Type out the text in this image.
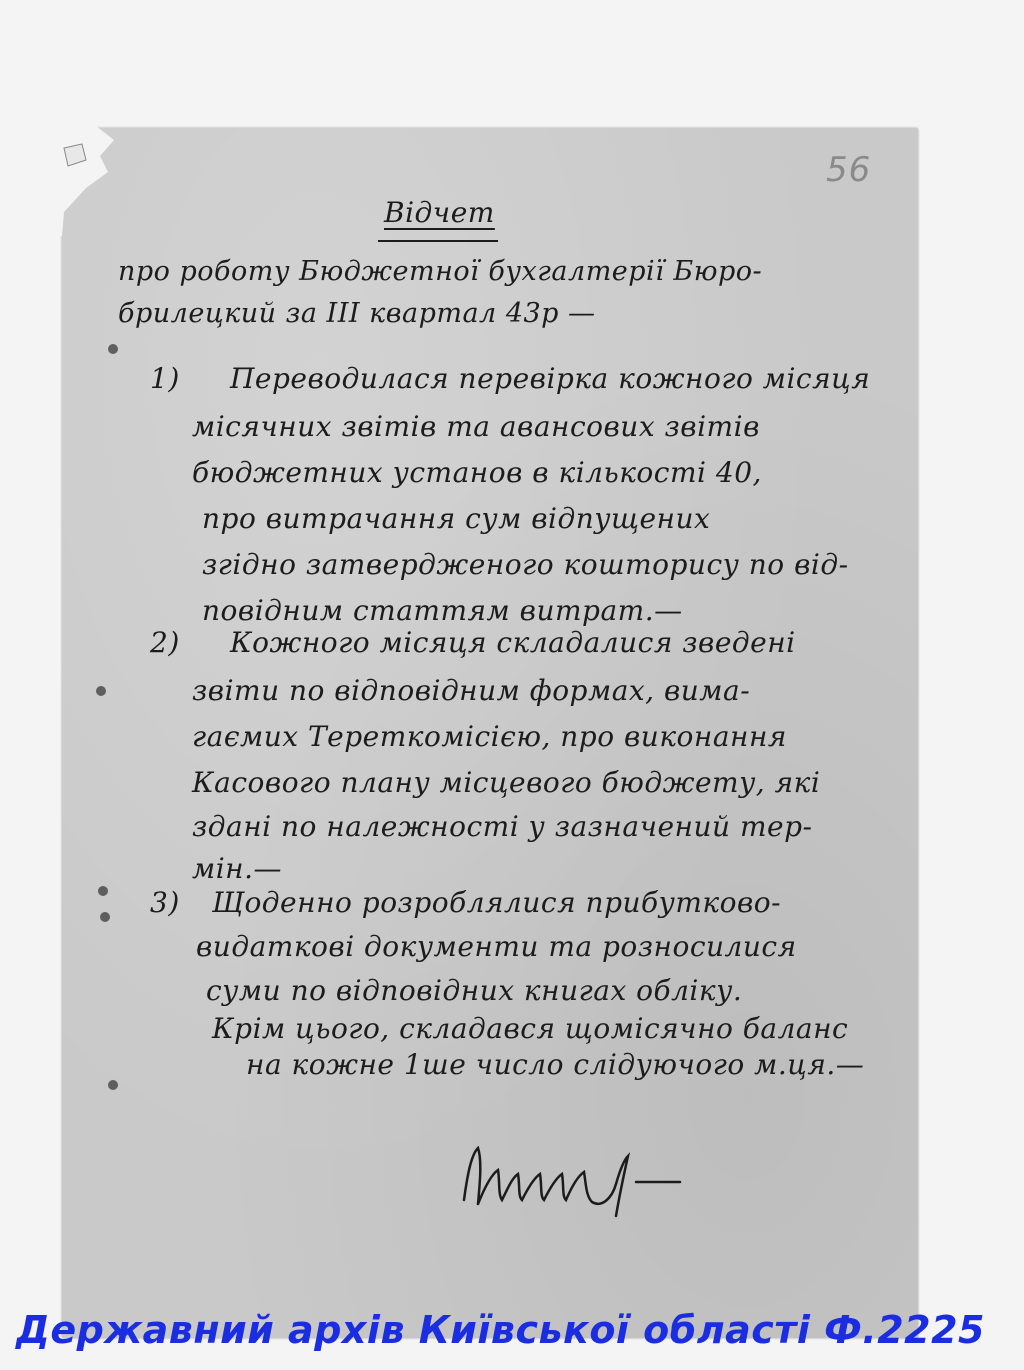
56
Відчет
про роботу Бюджетної бухгалтерії Бюро-
брилецкий за III квартал 43р —
1) Переводилася перевірка кожного місяця
місячних звітів та авансових звітів
бюджетних установ в кількості 40,
про витрачання сум відпущених
згідно затвердженого кошторису по від-
повідним статтям витрат.—
2) Кожного місяця складалися зведені
звіти по відповідним формах, вима-
гаємих Тереткомісією, про виконання
Касового плану місцевого бюджету, які
здані по належності у зазначений тер-
мін.—
3) Щоденно розроблялися прибутково-
видаткові документи та розносилися
суми по відповідних книгах обліку.
Крім цього, складався щомісячно баланс
на кожне 1ше число слідуючого м.ця.—
Державний архів Київської області Ф.2225
